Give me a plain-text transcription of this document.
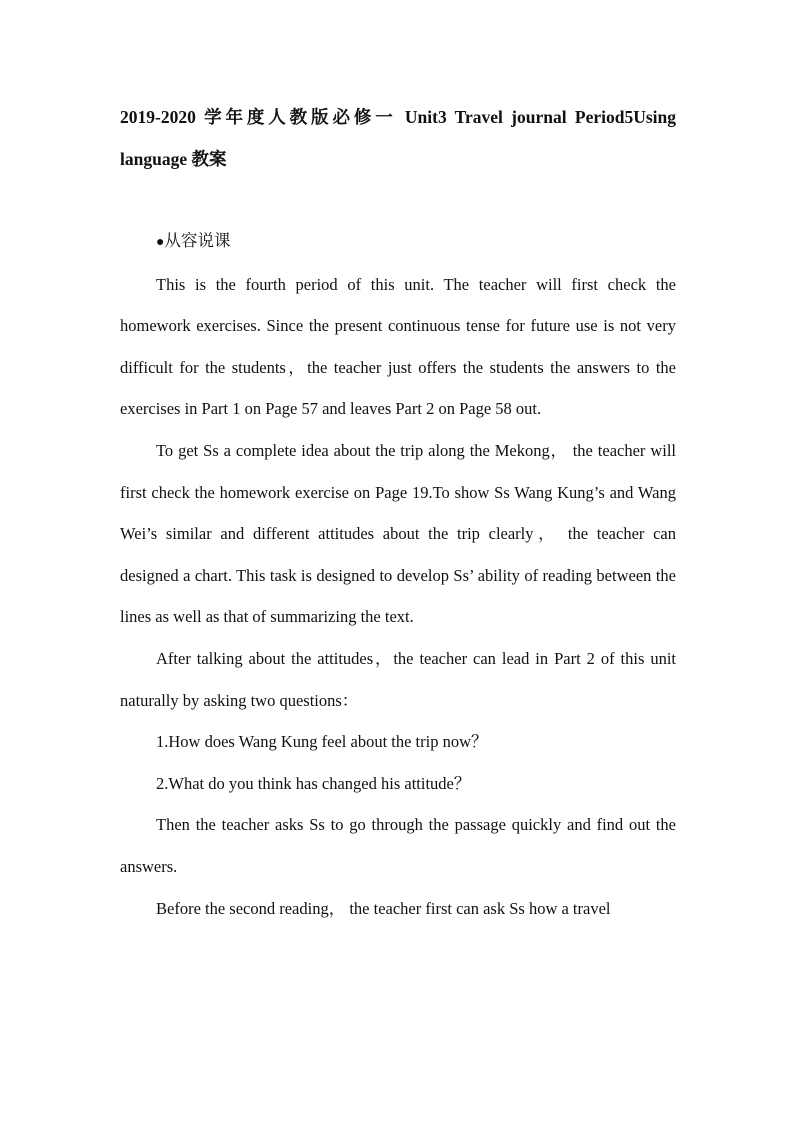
2019-2020 学年度人教版必修一 Unit3 Travel journal Period5Using language 教案

●从容说课

This is the fourth period of this unit. The teacher will first check the homework exercises. Since the present continuous tense for future use is not very difficult for the students，the teacher just offers the students the answers to the exercises in Part 1 on Page 57 and leaves Part 2 on Page 58 out.

To get Ss a complete idea about the trip along the Mekong， the teacher will first check the homework exercise on Page 19.To show Ss Wang Kung’s and Wang Wei’s similar and different attitudes about the trip clearly， the teacher can designed a chart. This task is designed to develop Ss’ ability of reading between the lines as well as that of summarizing the text.

After talking about the attitudes，the teacher can lead in Part 2 of this unit naturally by asking two questions：

1.How does Wang Kung feel about the trip now？

2.What do you think has changed his attitude？

Then the teacher asks Ss to go through the passage quickly and find out the answers.

Before the second reading， the teacher first can ask Ss how a travel
